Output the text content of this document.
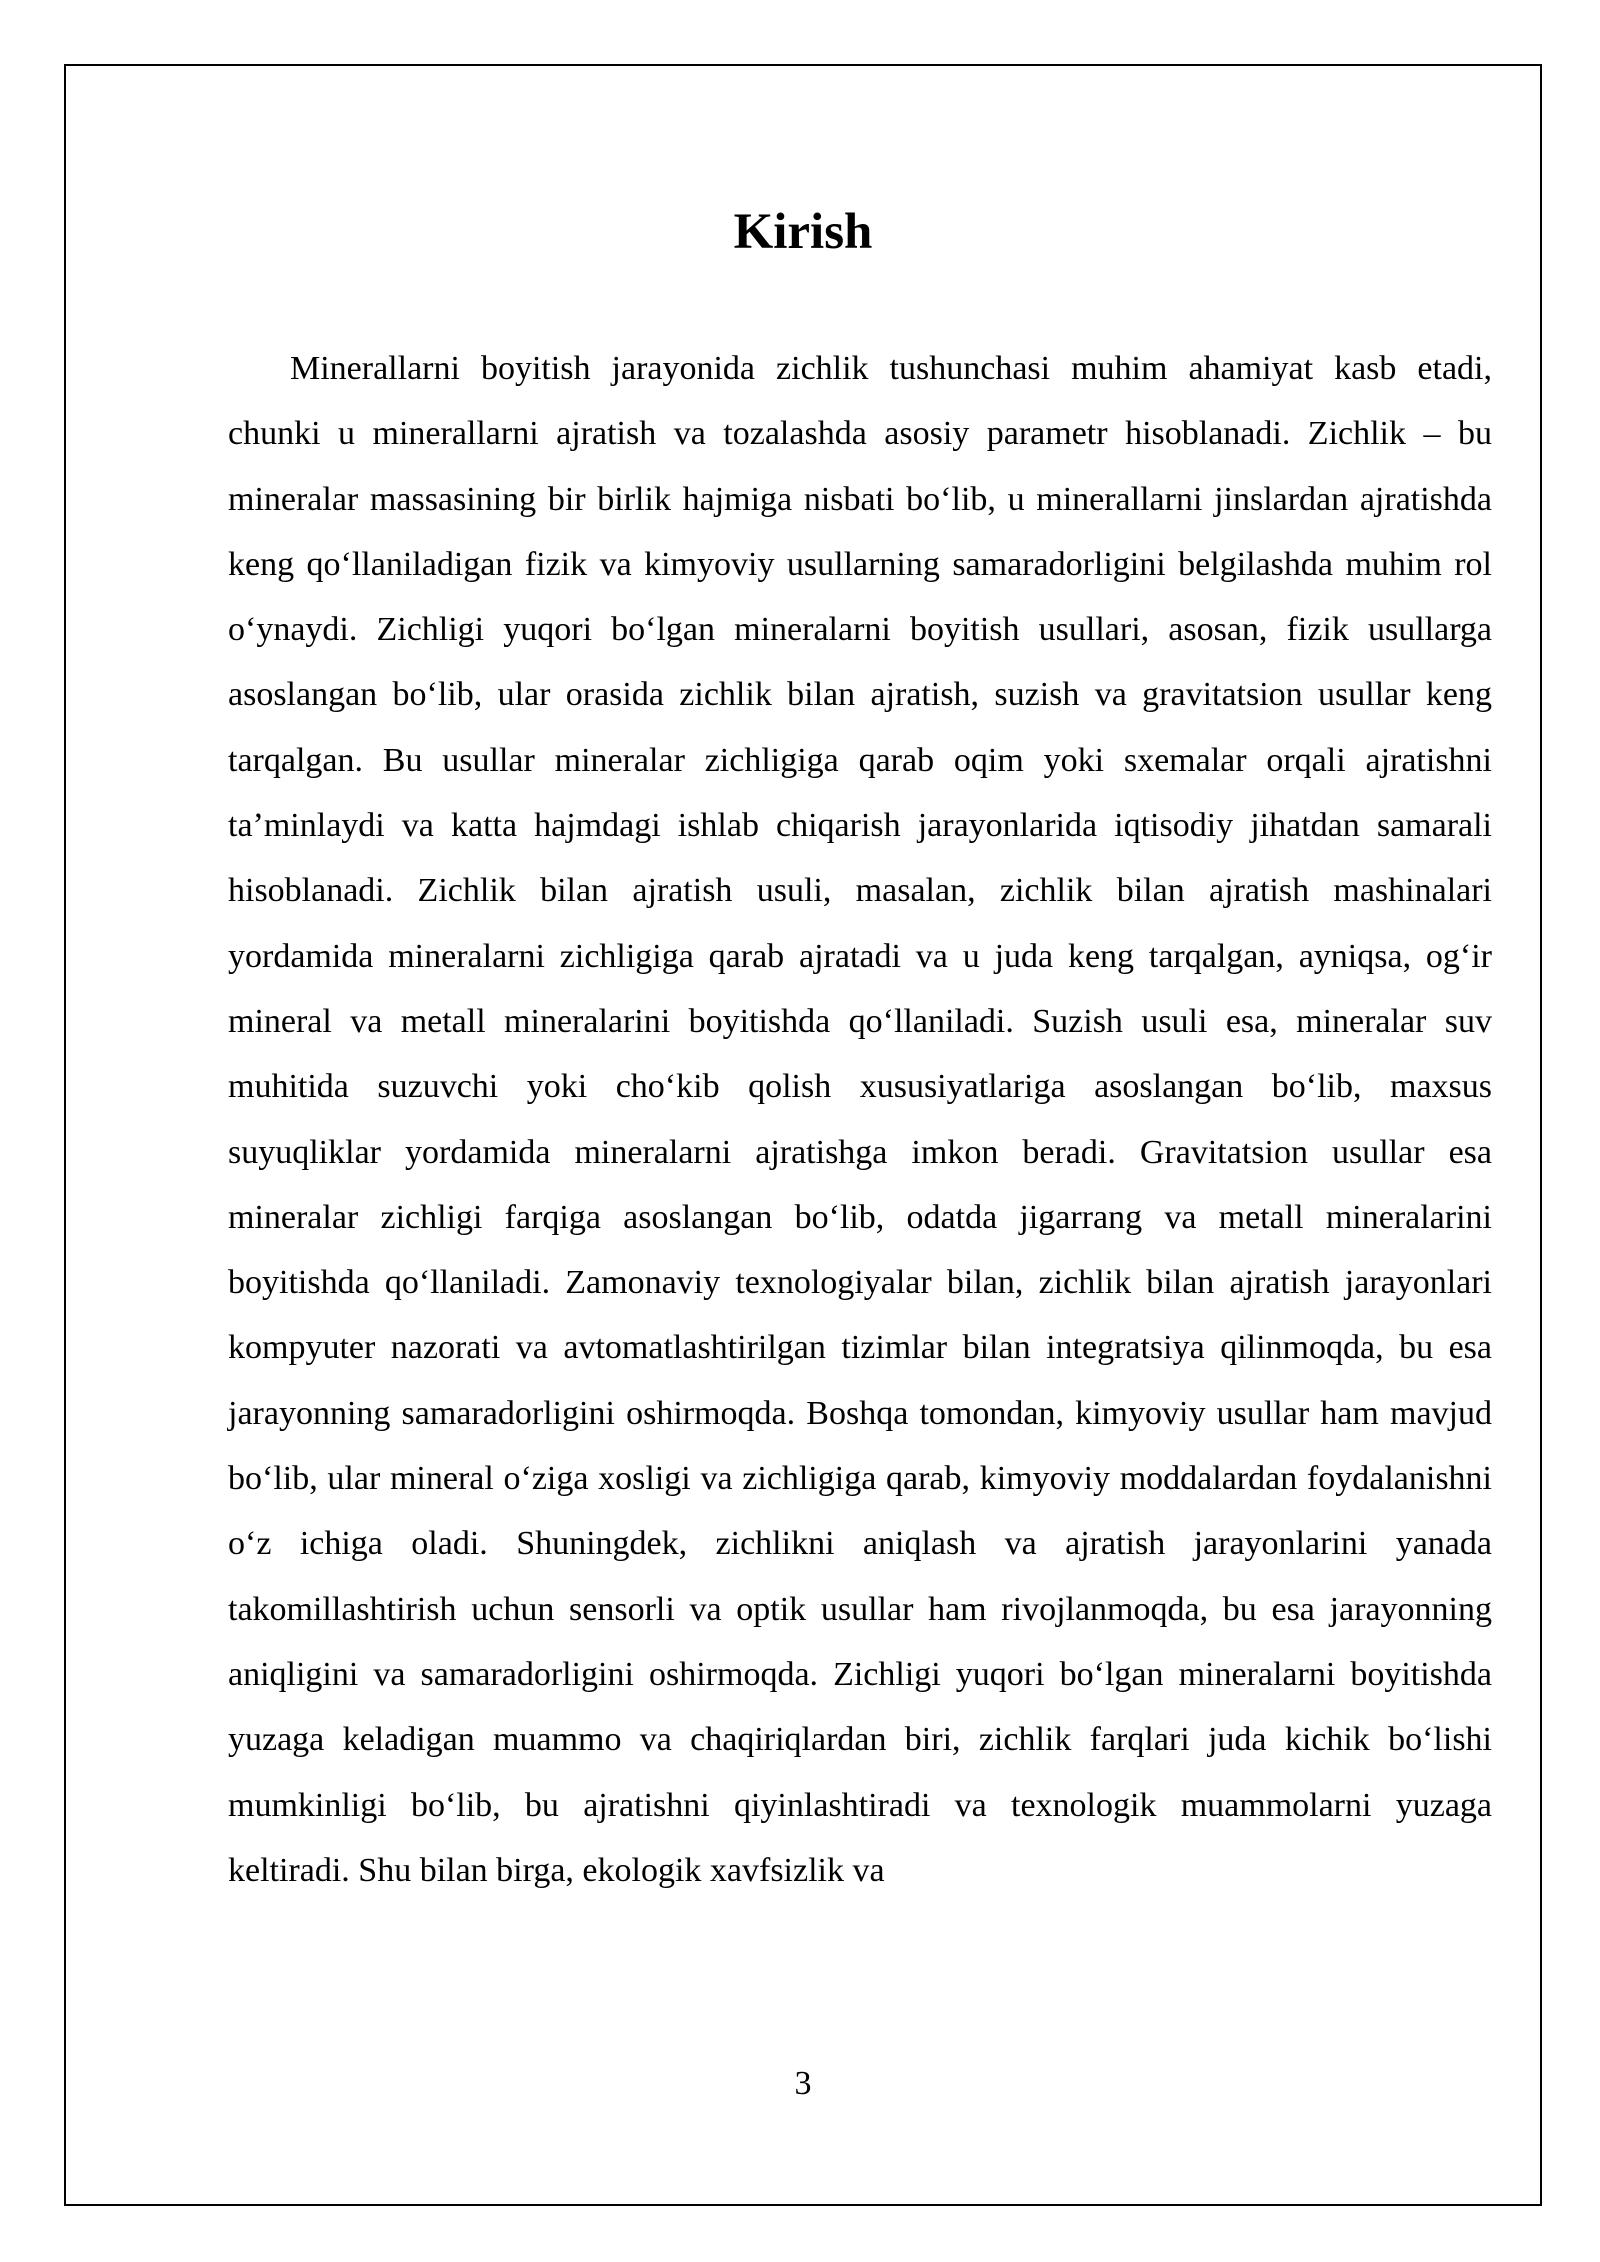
Kirish

Minerallarni boyitish jarayonida zichlik tushunchasi muhim ahamiyat kasb etadi, chunki u minerallarni ajratish va tozalashda asosiy parametr hisoblanadi. Zichlik – bu mineralar massasining bir birlik hajmiga nisbati boʻlib, u minerallarni jinslardan ajratishda keng qoʻllaniladigan fizik va kimyoviy usullarning samaradorligini belgilashda muhim rol oʻynaydi. Zichligi yuqori boʻlgan mineralarni boyitish usullari, asosan, fizik usullarga asoslangan boʻlib, ular orasida zichlik bilan ajratish, suzish va gravitatsion usullar keng tarqalgan. Bu usullar mineralar zichligiga qarab oqim yoki sxemalar orqali ajratishni taʼminlaydi va katta hajmdagi ishlab chiqarish jarayonlarida iqtisodiy jihatdan samarali hisoblanadi. Zichlik bilan ajratish usuli, masalan, zichlik bilan ajratish mashinalari yordamida mineralarni zichligiga qarab ajratadi va u juda keng tarqalgan, ayniqsa, ogʻir mineral va metall mineralarini boyitishda qoʻllaniladi. Suzish usuli esa, mineralar suv muhitida suzuvchi yoki choʻkib qolish xususiyatlariga asoslangan boʻlib, maxsus suyuqliklar yordamida mineralarni ajratishga imkon beradi. Gravitatsion usullar esa mineralar zichligi farqiga asoslangan boʻlib, odatda jigarrang va metall mineralarini boyitishda qoʻllaniladi. Zamonaviy texnologiyalar bilan, zichlik bilan ajratish jarayonlari kompyuter nazorati va avtomatlashtirilgan tizimlar bilan integratsiya qilinmoqda, bu esa jarayonning samaradorligini oshirmoqda. Boshqa tomondan, kimyoviy usullar ham mavjud boʻlib, ular mineral oʻziga xosligi va zichligiga qarab, kimyoviy moddalardan foydalanishni oʻz ichiga oladi. Shuningdek, zichlikni aniqlash va ajratish jarayonlarini yanada takomillashtirish uchun sensorli va optik usullar ham rivojlanmoqda, bu esa jarayonning aniqligini va samaradorligini oshirmoqda. Zichligi yuqori boʻlgan mineralarni boyitishda yuzaga keladigan muammo va chaqiriqlardan biri, zichlik farqlari juda kichik boʻlishi mumkinligi boʻlib, bu ajratishni qiyinlashtiradi va texnologik muammolarni yuzaga keltiradi. Shu bilan birga, ekologik xavfsizlik va

3
